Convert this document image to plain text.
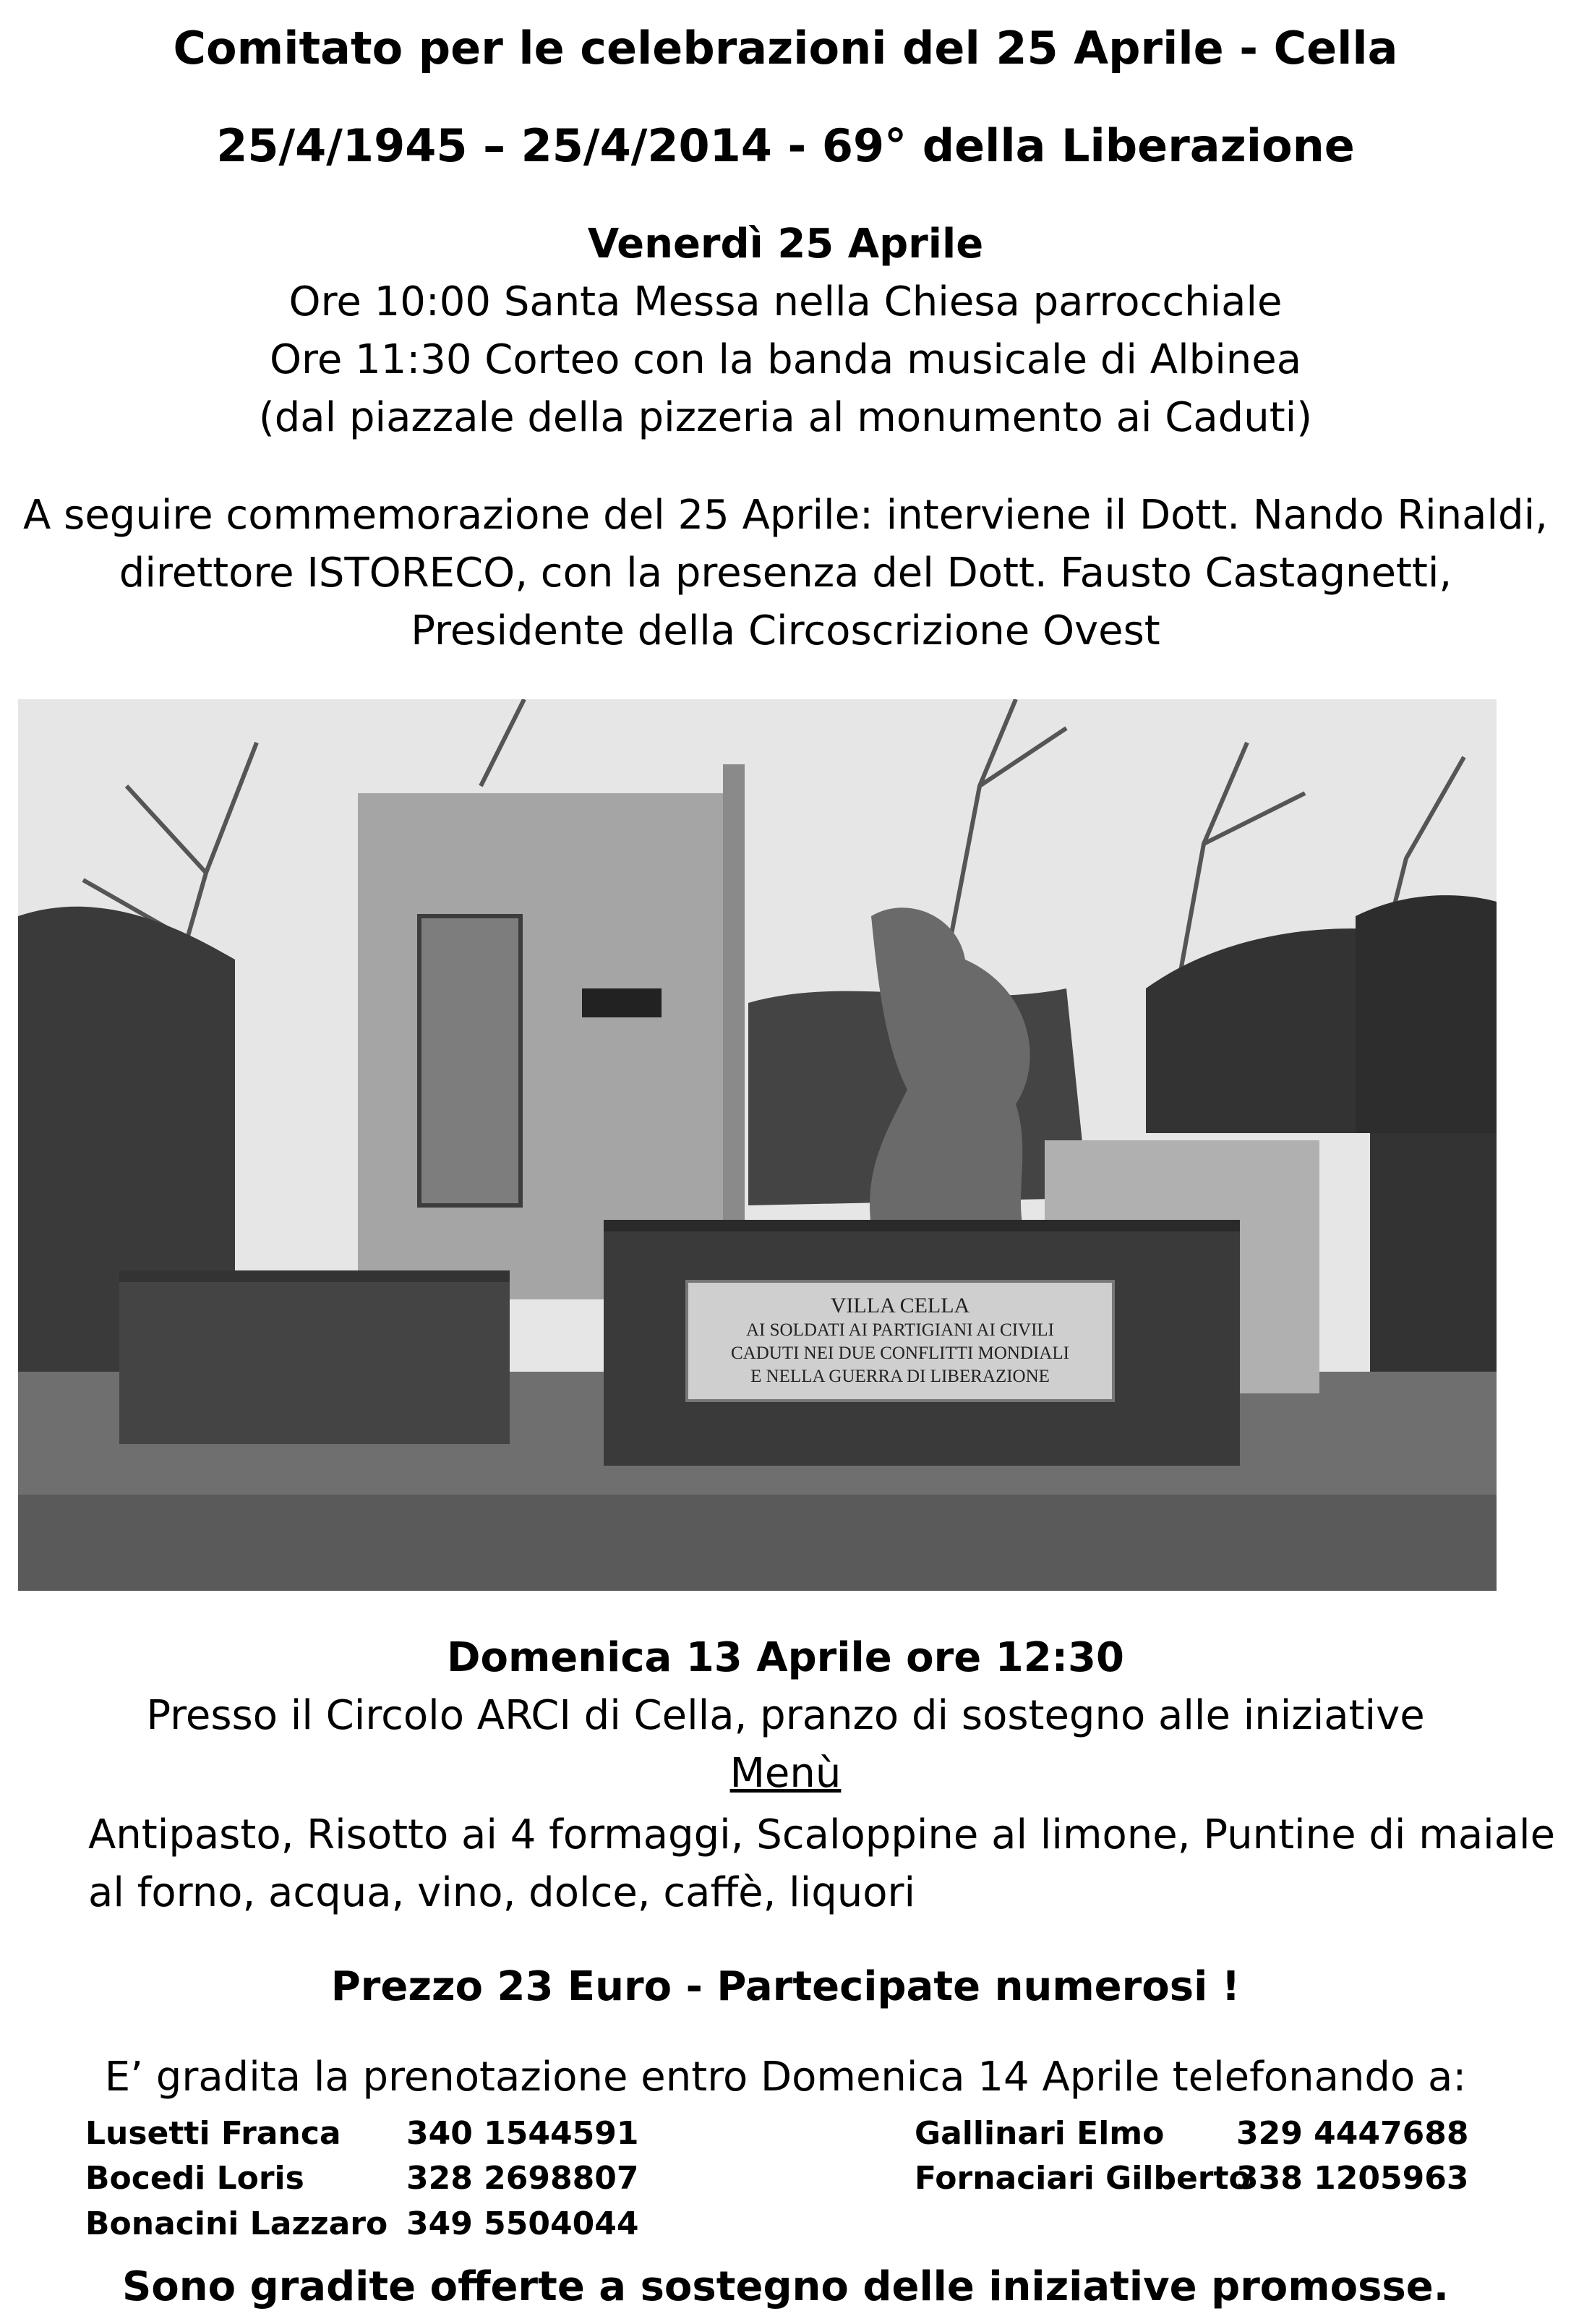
Comitato per le celebrazioni del 25 Aprile - Cella
25/4/1945 – 25/4/2014 - 69° della Liberazione
Venerdì 25 Aprile
Ore 10:00 Santa Messa nella Chiesa parrocchiale
Ore 11:30 Corteo con la banda musicale di Albinea
(dal piazzale della pizzeria al monumento ai Caduti)
A seguire commemorazione del 25 Aprile: interviene il Dott. Nando Rinaldi,
direttore ISTORECO, con la presenza del Dott. Fausto Castagnetti,
Presidente della Circoscrizione Ovest
VILLA CELLA
AI SOLDATI AI PARTIGIANI AI CIVILI
CADUTI NEI DUE CONFLITTI MONDIALI
E NELLA GUERRA DI LIBERAZIONE
Domenica 13 Aprile ore 12:30
Presso il Circolo ARCI di Cella, pranzo di sostegno alle iniziative
Menù
Antipasto, Risotto ai 4 formaggi, Scaloppine al limone, Puntine di maiale
al forno, acqua, vino, dolce, caffè, liquori
Prezzo 23 Euro - Partecipate numerosi !
E’ gradita la prenotazione entro Domenica 14 Aprile telefonando a:
Lusetti Franca 340 1544591
Bocedi Loris	328 2698807
Bonacini Lazzaro 349 5504044
Gallinari Elmo 329 4447688
Fornaciari Gilberto
338 1205963
Sono gradite offerte a sostegno delle iniziative promosse.
